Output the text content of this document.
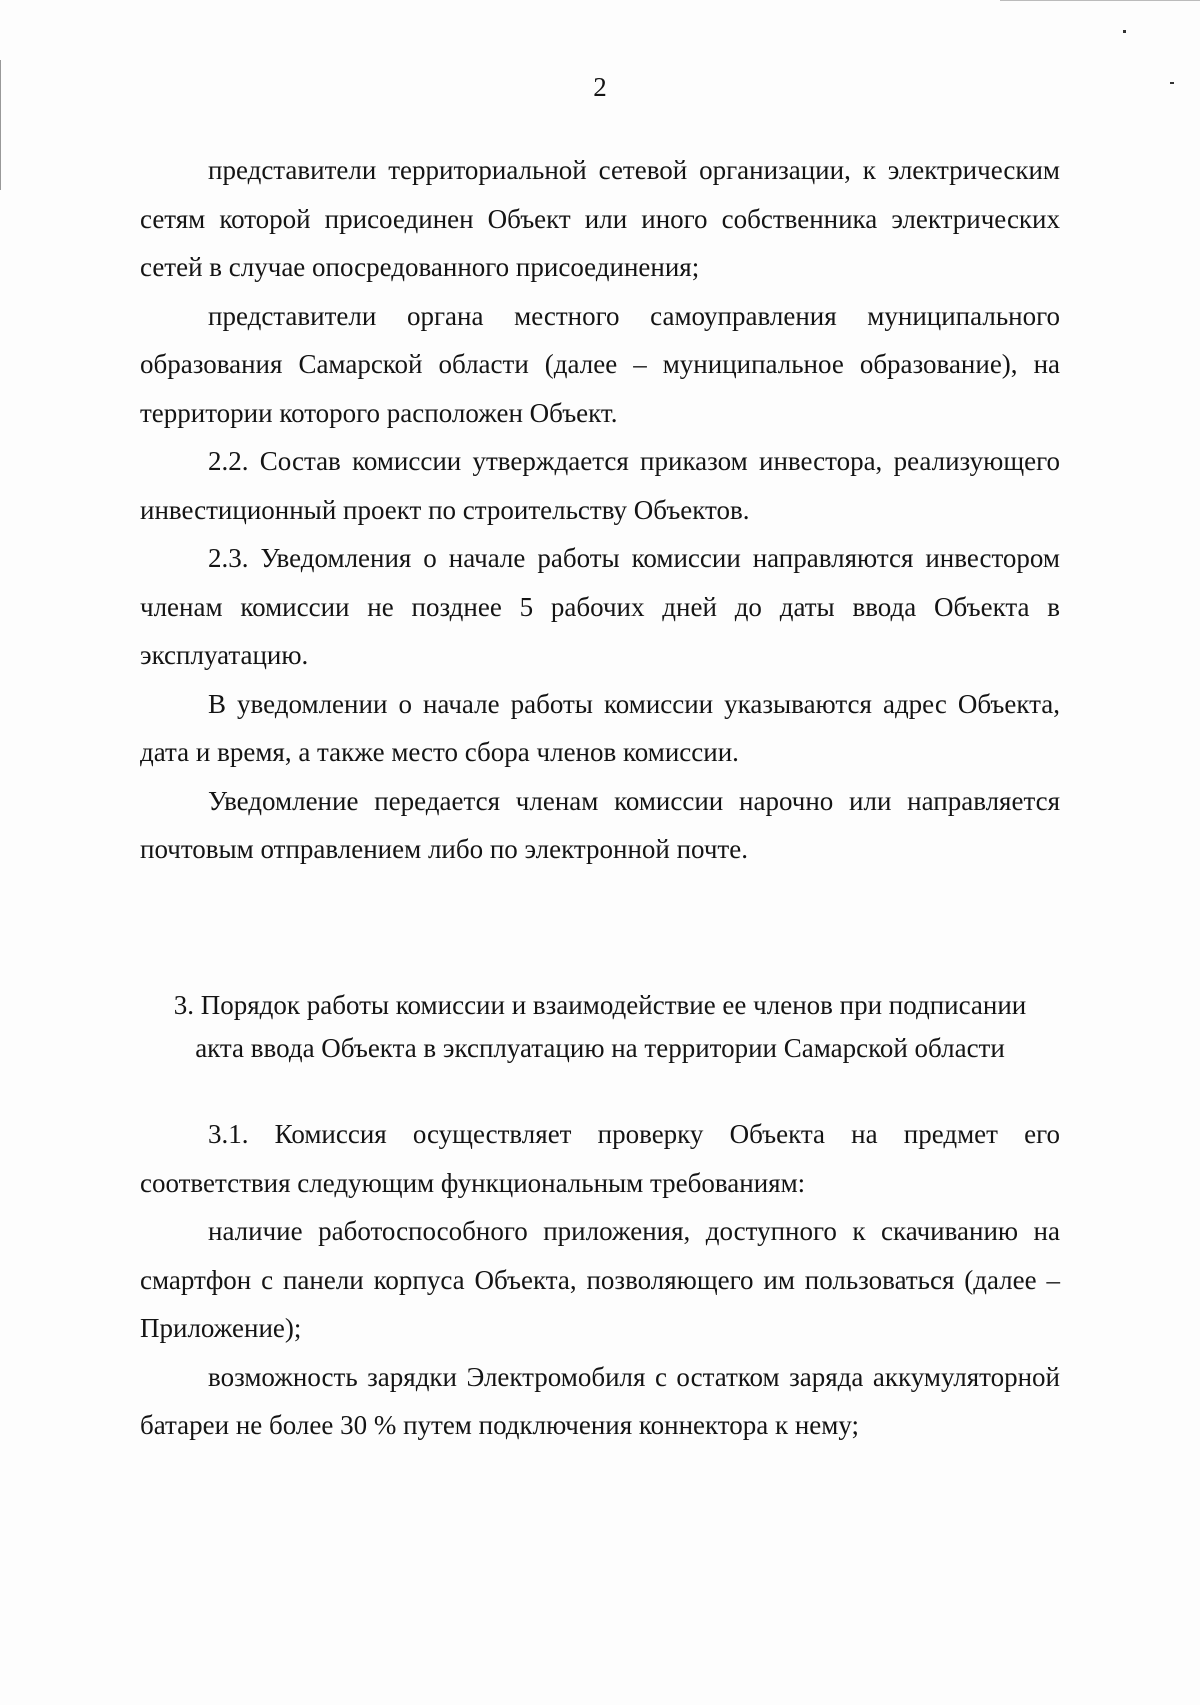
2

представители территориальной сетевой организации, к электрическим сетям которой присоединен Объект или иного собственника электрических сетей в случае опосредованного присоединения;

представители органа местного самоуправления муниципального образования Самарской области (далее – муниципальное образование), на территории которого расположен Объект.

2.2. Состав комиссии утверждается приказом инвестора, реализующего инвестиционный проект по строительству Объектов.

2.3. Уведомления о начале работы комиссии направляются инвестором членам комиссии не позднее 5 рабочих дней до даты ввода Объекта в эксплуатацию.

В уведомлении о начале работы комиссии указываются адрес Объекта, дата и время, а также место сбора членов комиссии.

Уведомление передается членам комиссии нарочно или направляется почтовым отправлением либо по электронной почте.

3. Порядок работы комиссии и взаимодействие ее членов при подписании
акта ввода Объекта в эксплуатацию на территории Самарской области

3.1. Комиссия осуществляет проверку Объекта на предмет его соответствия следующим функциональным требованиям:

наличие работоспособного приложения, доступного к скачиванию на смартфон с панели корпуса Объекта, позволяющего им пользоваться (далее – Приложение);

возможность зарядки Электромобиля с остатком заряда аккумуляторной батареи не более 30 % путем подключения коннектора к нему;
